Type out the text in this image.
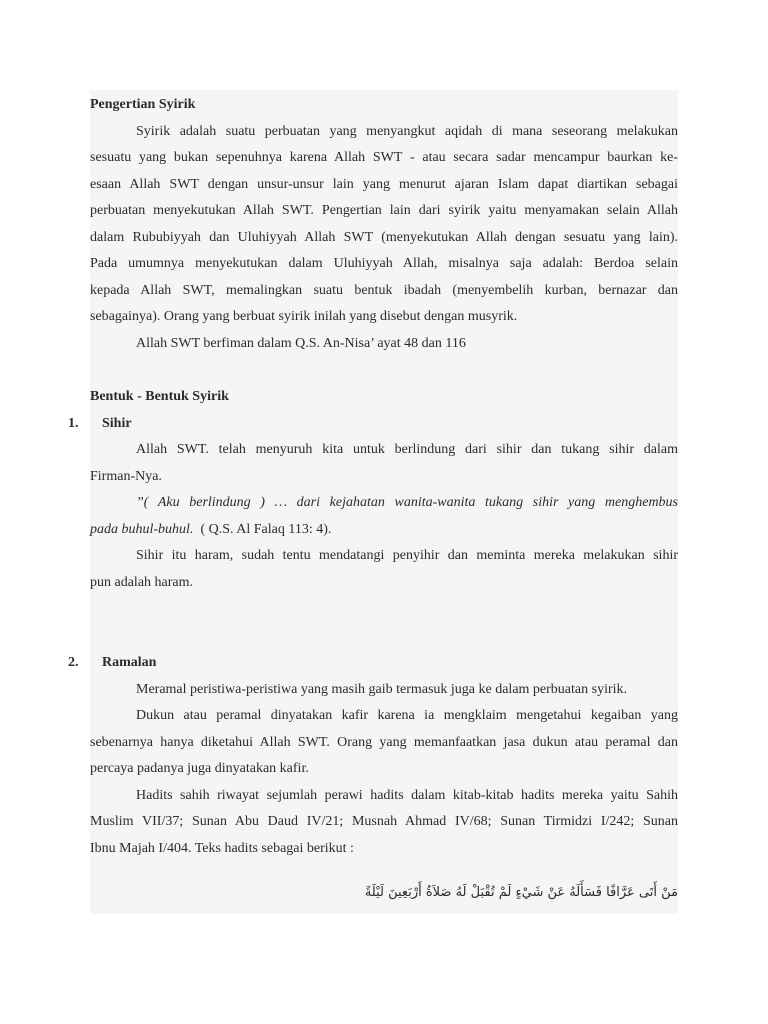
Pengertian Syirik
Syirik adalah suatu perbuatan yang menyangkut aqidah di mana seseorang melakukan
sesuatu yang bukan sepenuhnya karena Allah SWT - atau secara sadar mencampur baurkan ke-
esaan Allah SWT dengan unsur-unsur lain yang menurut ajaran Islam dapat diartikan sebagai
perbuatan menyekutukan Allah SWT. Pengertian lain dari syirik yaitu menyamakan selain Allah
dalam Rububiyyah dan Uluhiyyah Allah SWT (menyekutukan Allah dengan sesuatu yang lain).
Pada umumnya menyekutukan dalam Uluhiyyah Allah, misalnya saja adalah: Berdoa selain
kepada Allah SWT, memalingkan suatu bentuk ibadah (menyembelih kurban, bernazar dan
sebagainya). Orang yang berbuat syirik inilah yang disebut dengan musyrik.
Allah SWT berfiman dalam Q.S. An-Nisa’ ayat 48 dan 116
Bentuk - Bentuk Syirik
1. Sihir
Allah SWT. telah menyuruh kita untuk berlindung dari sihir dan tukang sihir dalam
Firman-Nya.
”( Aku berlindung ) … dari kejahatan wanita-wanita tukang sihir yang menghembus
pada buhul-buhul. ( Q.S. Al Falaq 113: 4).
Sihir itu haram, sudah tentu mendatangi penyihir dan meminta mereka melakukan sihir
pun adalah haram.
2. Ramalan
Meramal peristiwa-peristiwa yang masih gaib termasuk juga ke dalam perbuatan syirik.
Dukun atau peramal dinyatakan kafir karena ia mengklaim mengetahui kegaiban yang
sebenarnya hanya diketahui Allah SWT. Orang yang memanfaatkan jasa dukun atau peramal dan
percaya padanya juga dinyatakan kafir.
Hadits sahih riwayat sejumlah perawi hadits dalam kitab-kitab hadits mereka yaitu Sahih
Muslim VII/37; Sunan Abu Daud IV/21; Musnah Ahmad IV/68; Sunan Tirmidzi I/242; Sunan
Ibnu Majah I/404. Teks hadits sebagai berikut :
مَنْ أَتَى عَرَّافًا فَسَأَلَهُ عَنْ شَيْءٍ لَمْ تُقْبَلْ لَهُ صَلاَةُ أَرْبَعِينَ لَيْلَةً
